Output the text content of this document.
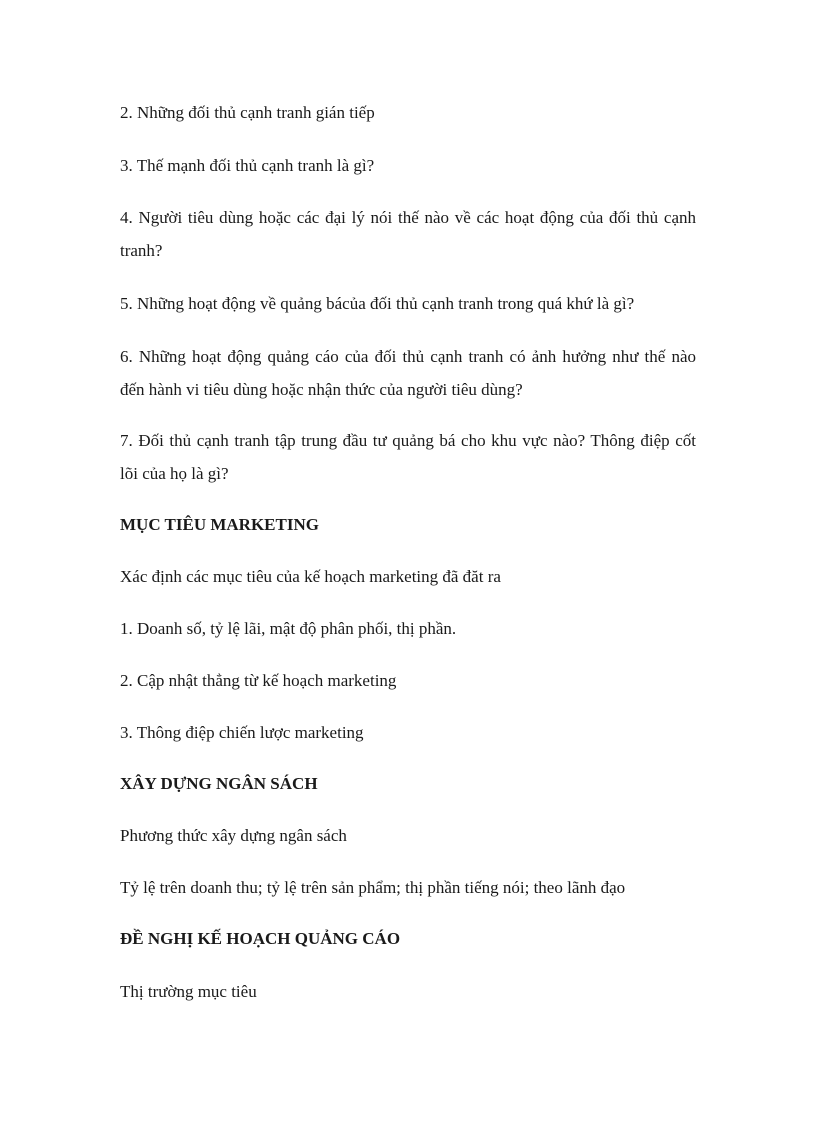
2. Những đối thủ cạnh tranh gián tiếp
3. Thế mạnh đối thủ cạnh tranh là gì?
4. Người tiêu dùng hoặc các đại lý nói thế nào về các hoạt động của đối thủ cạnh
tranh?
5. Những hoạt động về quảng bácủa đối thủ cạnh tranh trong quá khứ là gì?
6. Những hoạt động quảng cáo của đối thủ cạnh tranh có ảnh hưởng như thế nào
đến hành vi tiêu dùng hoặc nhận thức của người tiêu dùng?
7. Đối thủ cạnh tranh tập trung đầu tư quảng bá cho khu vực nào? Thông điệp cốt
lõi của họ là gì?
MỤC TIÊU MARKETING
Xác định các mục tiêu của kế hoạch marketing đã đăt ra
1. Doanh số, tỷ lệ lãi, mật độ phân phối, thị phần.
2. Cập nhật thẳng từ kế hoạch marketing
3. Thông điệp chiến lược marketing
XÂY DỰNG NGÂN SÁCH
Phương thức xây dựng ngân sách
Tỷ lệ trên doanh thu; tỷ lệ trên sản phẩm; thị phần tiếng nói; theo lãnh đạo
ĐỀ NGHỊ KẾ HOẠCH QUẢNG CÁO
Thị trường mục tiêu
